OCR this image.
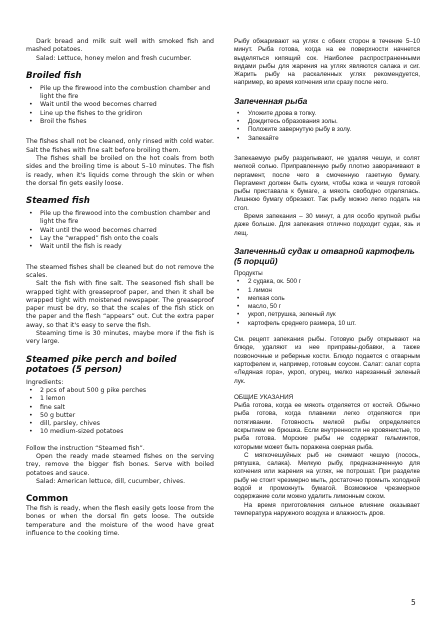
Dark bread and milk suit well with smoked fish and mashed potatoes.

Salad: Lettuce, honey melon and fresh cucumber.

Broiled fish
• Pile up the firewood into the combustion chamber and light the fire
• Wait until the wood becomes charred
• Line up the fishes to the gridiron
• Broil the fishes

The fishes shall not be cleaned, only rinsed with cold water. Salt the fishes with fine salt before broiling them.

The fishes shall be broiled on the hot coals from both sides and the broiling time is about 5–10 minutes. The fish is ready, when it's liquids come through the skin or when the dorsal fin gets easily loose.

Steamed fish
• Pile up the firewood into the combustion chamber and light the fire
• Wait until the wood becomes charred
• Lay the “wrapped” fish onto the coals
• Wait until the fish is ready

The steamed fishes shall be cleaned but do not remove the scales.

Salt the fish with fine salt. The seasoned fish shall be wrapped tight with greaseproof paper, and then it shall be wrapped tight with moistened newspaper. The greaseproof paper must be dry, so that the scales of the fish stick on the paper and the flesh “appears” out. Cut the extra paper away, so that it's easy to serve the fish.

Steaming time is 30 minutes, maybe more if the fish is very large.

Steamed pike perch and boiled potatoes (5 person)

Ingredients:

• 2 pcs of about 500 g pike perches
• 1 lemon
• fine salt
• 50 g butter
• dill, parsley, chives
• 10 medium-sized potatoes

Follow the instruction “Steamed fish”.

Open the ready made steamed fishes on the serving trey, remove the bigger fish bones. Serve with boiled potatoes and sauce.

Salad: American lettuce, dill, cucumber, chives.

Common

The fish is ready, when the flesh easily gets loose from the bones or when the dorsal fin gets loose. The outside temperature and the moisture of the wood have great influence to the cooking time.

Рыбу обжаривают на углях с обеих сторон в течение 5–10 минут. Рыба готова, когда на ее поверхности начнется выделяться кипящий сок. Наиболее распространенными видами рыбы для жарения на углях являются салака и сиг. Жарить рыбу на раскаленных углях рекомендуется, например, во время копчения или сразу после него.

Запеченная рыба
• Уложите дрова в топку.
• Дождитесь образования золы.
• Положите завернутую рыбу в золу.
• Запекайте

Запекаемую рыбу разделывают, не удаляя чешуи, и солят мелкой солью. Приправленную рыбу плотно заворачивают в пергамент, после чего в смоченную газетную бумагу. Пергамент должен быть сухим, чтобы кожа и чешуя готовой рыбы приставала к бумаге, а мякоть свободно отделялась. Лишнюю бумагу обрезают. Так рыбу можно легко подать на стол.

Время запекания – 30 минут, а для особо крупной рыбы даже больше. Для запекания отлично подходит судак, язь и лещ.

Запеченный судак и отварной картофель (5 порций)

Продукты

• 2 судака, ок. 500 г
• 1 лимон
• мелкая соль
• масло, 50 г
• укроп, петрушка, зеленый лук
• картофель среднего размера, 10 шт.

См. рецепт запекания рыбы. Готовую рыбу открывают на блюде, удаляют из нее приправы-добавки, а также позвоночные и реберные кости. Блюдо подается с отварным картофелем и, например, готовым соусом. Салат: салат сорта «Ледяная гора», укроп, огурец, мелко нарезанный зеленый лук.

ОБЩИЕ УКАЗАНИЯ

Рыба готова, когда ее мякоть отделяется от костей. Обычно рыба готова, когда плавники легко отделяются при потягивании. Готовность мелкой рыбы определяется вскрытием ее брюшка. Если внутренности не кровянистые, то рыба готова. Морские рыбы не содержат гельминтов, которыми может быть поражена озерная рыба.

С мягкочешуйных рыб не снимают чешую (лосось, ряпушка, салака). Мелкую рыбу, предназначенную для копчения или жарения на углях, не потрошат. При разделке рыбу не стоит чрезмерно мыть, достаточно промыть холодной водой и промокнуть бумагой. Возможное чрезмерное содержание соли можно удалить лимонным соком.

На время приготовления сильное влияние оказывает температура наружного воздуха и влажность дров.

5
